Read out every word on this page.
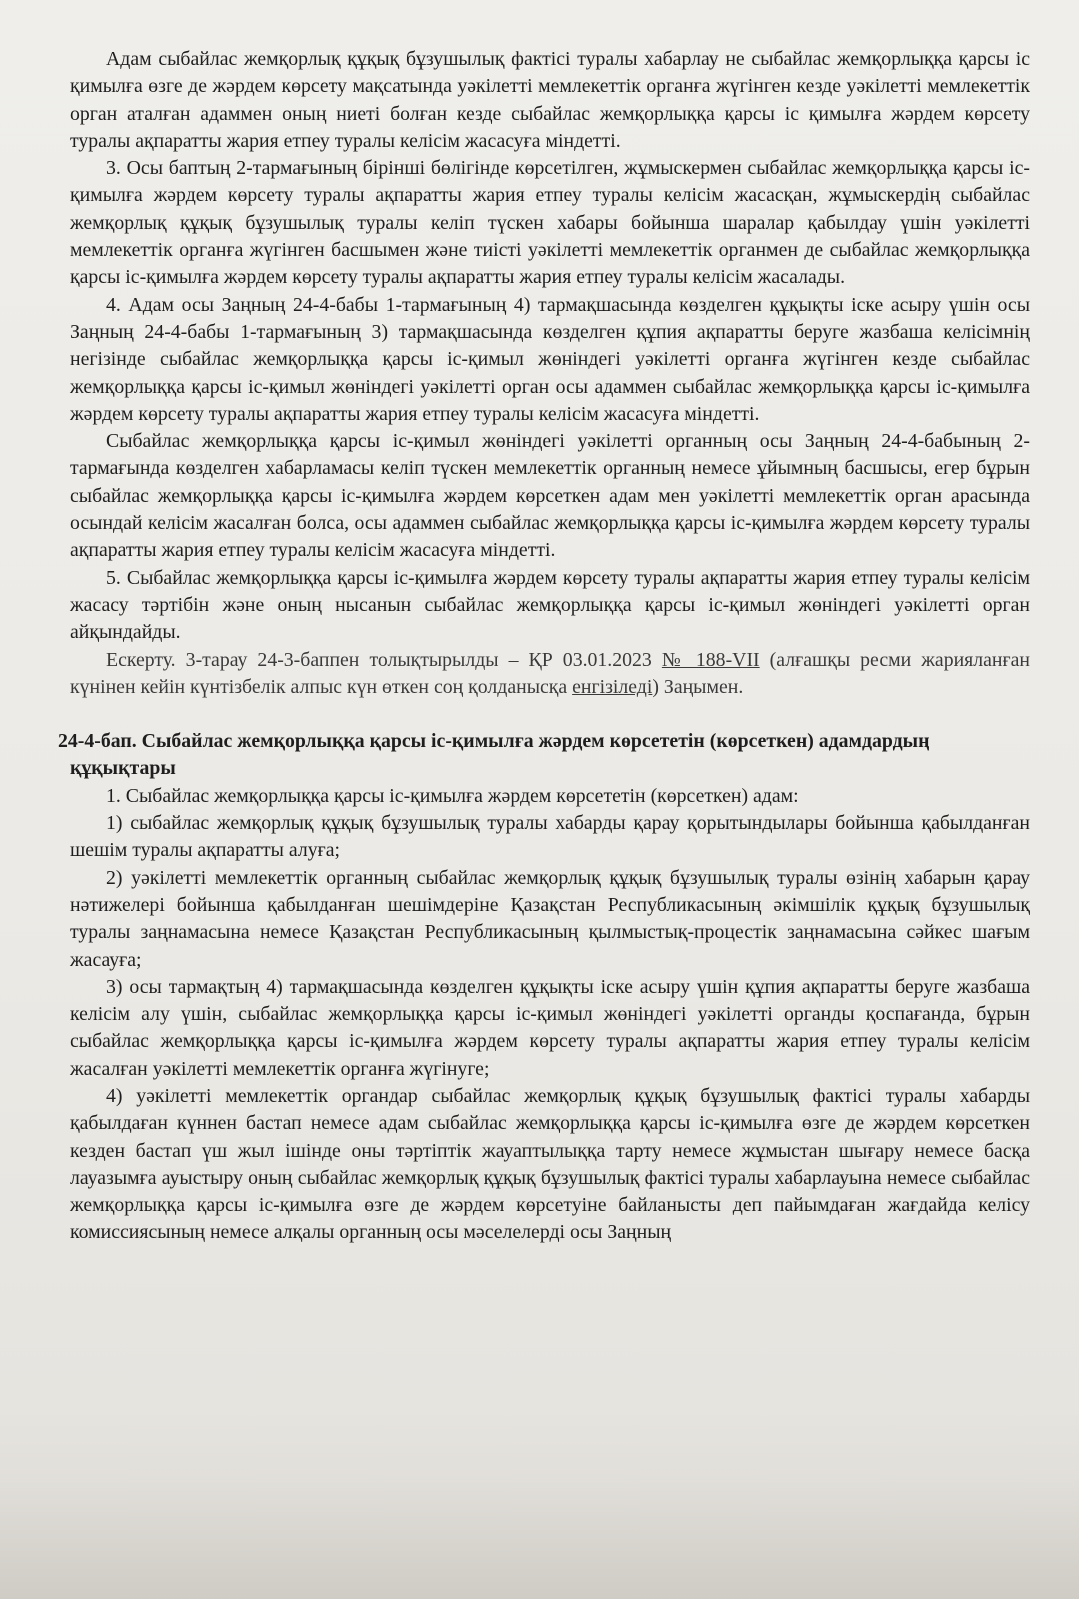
Адам сыбайлас жемқорлық құқық бұзушылық фактісі туралы хабарлау не сыбайлас жемқорлыққа қарсы іс қимылға өзге де жәрдем көрсету мақсатында уәкілетті мемлекеттік органға жүгінген кезде уәкілетті мемлекеттік орган аталған адаммен оның ниеті болған кезде сыбайлас жемқорлыққа қарсы іс қимылға жәрдем көрсету туралы ақпаратты жария етпеу туралы келісім жасасуға міндетті.

3. Осы баптың 2-тармағының бірінші бөлігінде көрсетілген, жұмыскермен сыбайлас жемқорлыққа қарсы іс-қимылға жәрдем көрсету туралы ақпаратты жария етпеу туралы келісім жасасқан, жұмыскердің сыбайлас жемқорлық құқық бұзушылық туралы келіп түскен хабары бойынша шаралар қабылдау үшін уәкілетті мемлекеттік органға жүгінген басшымен және тиісті уәкілетті мемлекеттік органмен де сыбайлас жемқорлыққа қарсы іс-қимылға жәрдем көрсету туралы ақпаратты жария етпеу туралы келісім жасалады.

4. Адам осы Заңның 24-4-бабы 1-тармағының 4) тармақшасында көзделген құқықты іске асыру үшін осы Заңның 24-4-бабы 1-тармағының 3) тармақшасында көзделген құпия ақпаратты беруге жазбаша келісімнің негізінде сыбайлас жемқорлыққа қарсы іс-қимыл жөніндегі уәкілетті органға жүгінген кезде сыбайлас жемқорлыққа қарсы іс-қимыл жөніндегі уәкілетті орган осы адаммен сыбайлас жемқорлыққа қарсы іс-қимылға жәрдем көрсету туралы ақпаратты жария етпеу туралы келісім жасасуға міндетті.

Сыбайлас жемқорлыққа қарсы іс-қимыл жөніндегі уәкілетті органның осы Заңның 24-4-бабының 2-тармағында көзделген хабарламасы келіп түскен мемлекеттік органның немесе ұйымның басшысы, егер бұрын сыбайлас жемқорлыққа қарсы іс-қимылға жәрдем көрсеткен адам мен уәкілетті мемлекеттік орган арасында осындай келісім жасалған болса, осы адаммен сыбайлас жемқорлыққа қарсы іс-қимылға жәрдем көрсету туралы ақпаратты жария етпеу туралы келісім жасасуға міндетті.

5. Сыбайлас жемқорлыққа қарсы іс-қимылға жәрдем көрсету туралы ақпаратты жария етпеу туралы келісім жасасу тәртібін және оның нысанын сыбайлас жемқорлыққа қарсы іс-қимыл жөніндегі уәкілетті орган айқындайды.

Ескерту. 3-тарау 24-3-баппен толықтырылды – ҚР 03.01.2023 № 188-VII (алғашқы ресми жарияланған күнінен кейін күнтізбелік алпыс күн өткен соң қолданысқа енгізіледі) Заңымен.

24-4-бап. Сыбайлас жемқорлыққа қарсы іс-қимылға жәрдем көрсететін (көрсеткен) адамдардың құқықтары

1. Сыбайлас жемқорлыққа қарсы іс-қимылға жәрдем көрсететін (көрсеткен) адам:

1) сыбайлас жемқорлық құқық бұзушылық туралы хабарды қарау қорытындылары бойынша қабылданған шешім туралы ақпаратты алуға;

2) уәкілетті мемлекеттік органның сыбайлас жемқорлық құқық бұзушылық туралы өзінің хабарын қарау нәтижелері бойынша қабылданған шешімдеріне Қазақстан Республикасының әкімшілік құқық бұзушылық туралы заңнамасына немесе Қазақстан Республикасының қылмыстық-процестік заңнамасына сәйкес шағым жасауға;

3) осы тармақтың 4) тармақшасында көзделген құқықты іске асыру үшін құпия ақпаратты беруге жазбаша келісім алу үшін, сыбайлас жемқорлыққа қарсы іс-қимыл жөніндегі уәкілетті органды қоспағанда, бұрын сыбайлас жемқорлыққа қарсы іс-қимылға жәрдем көрсету туралы ақпаратты жария етпеу туралы келісім жасалған уәкілетті мемлекеттік органға жүгінуге;

4) уәкілетті мемлекеттік органдар сыбайлас жемқорлық құқық бұзушылық фактісі туралы хабарды қабылдаған күннен бастап немесе адам сыбайлас жемқорлыққа қарсы іс-қимылға өзге де жәрдем көрсеткен кезден бастап үш жыл ішінде оны тәртіптік жауаптылыққа тарту немесе жұмыстан шығару немесе басқа лауазымға ауыстыру оның сыбайлас жемқорлық құқық бұзушылық фактісі туралы хабарлауына немесе сыбайлас жемқорлыққа қарсы іс-қимылға өзге де жәрдем көрсетуіне байланысты деп пайымдаған жағдайда келісу комиссиясының немесе алқалы органның осы мәселелерді осы Заңның
